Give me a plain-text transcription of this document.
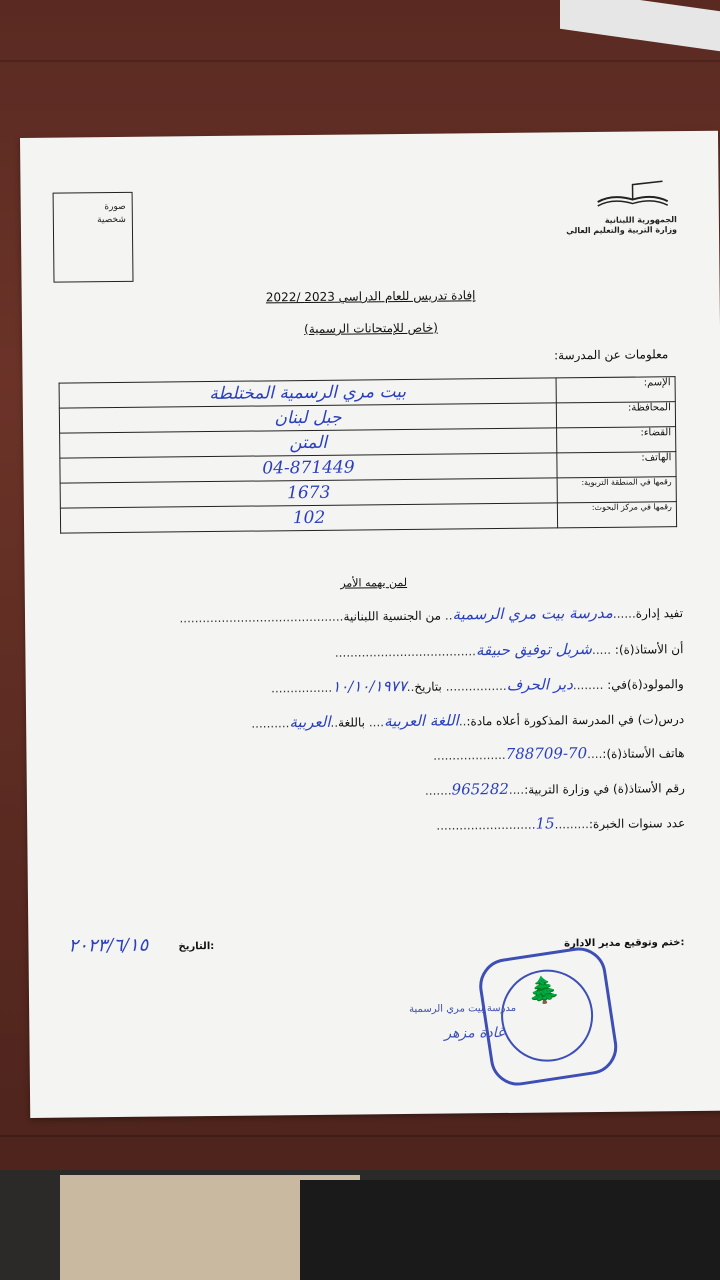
صورة
شخصية	الجمهورية اللبنانية
وزارة التربية والتعليم العالي
إفادة تدريس للعام الدراسي 2023 /2022
(خاص للإمتحانات الرسمية)
معلومات عن المدرسة:
بيت مري الرسمية المختلطة	الإسم:
جبل لبنان	المحافظة:
المتن	القضاء:
04-871449	الهاتف:
1673	رقمها في المنطقة التربوية:
102	رقمها في مركز البحوث:
لمن يهمه الأمر
تفيد إدارة......مدرسة بيت مري الرسمية.. من الجنسية اللبنانية...........................................
أن الأستاذ(ة): .....شربل توفيق حبيقة.....................................
والمولود(ة)في: ........دير الحرف................ بتاريخ..١٠/١٠/١٩٧٧................
درس(ت) في المدرسة المذكورة أعلاه مادة:..اللغة العربية.... باللغة..العربية..........
هاتف الأستاذ(ة):....70-788709...................
رقم الأستاذ(ة) في وزارة التربية:....965282.......
عدد سنوات الخبرة:.........15..........................
ختم وتوقيع مدير الادارة:
التاريخ:
٢٠٢٣/٦/١٥
🌲
مدرسة بيت مري الرسمية
غادة مزهر
